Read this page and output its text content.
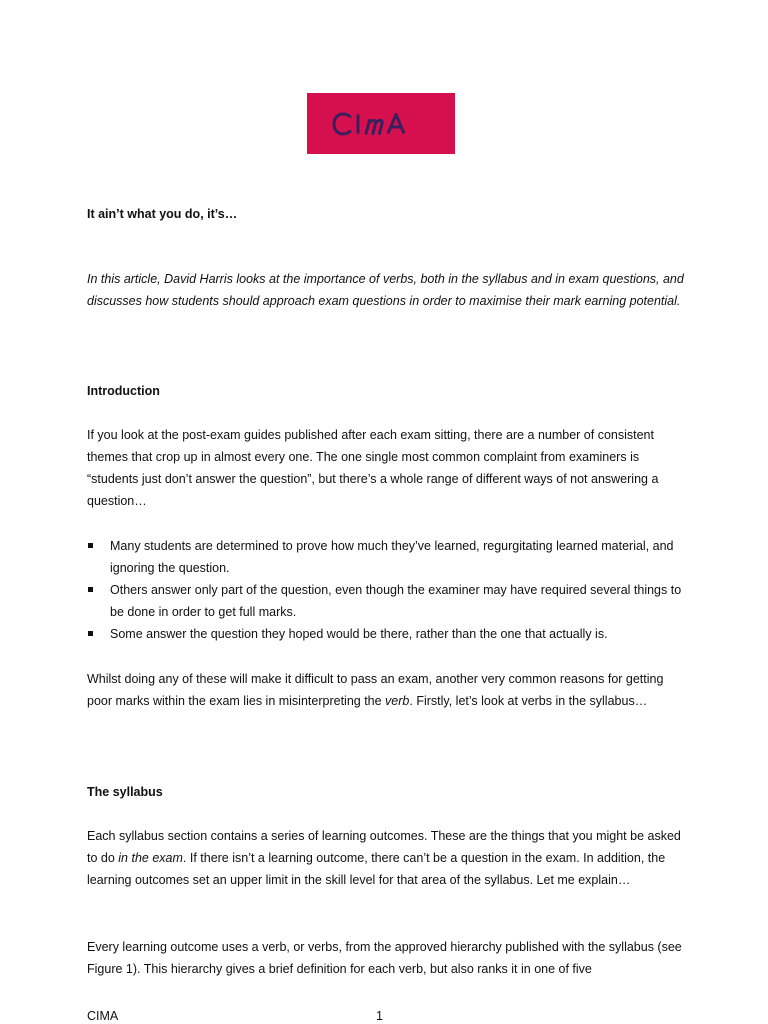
It ain’t what you do, it’s…
In this article, David Harris looks at the importance of verbs, both in the syllabus and in exam questions, and discusses how students should approach exam questions in order to maximise their mark earning potential.
Introduction
If you look at the post-exam guides published after each exam sitting, there are a number of consistent themes that crop up in almost every one. The one single most common complaint from examiners is “students just don’t answer the question”, but there’s a whole range of different ways of not answering a question…
Many students are determined to prove how much they’ve learned, regurgitating learned material, and ignoring the question.
Others answer only part of the question, even though the examiner may have required several things to be done in order to get full marks.
Some answer the question they hoped would be there, rather than the one that actually is.
Whilst doing any of these will make it difficult to pass an exam, another very common reasons for getting poor marks within the exam lies in misinterpreting the verb. Firstly, let’s look at verbs in the syllabus…
The syllabus
Each syllabus section contains a series of learning outcomes. These are the things that you might be asked to do in the exam. If there isn’t a learning outcome, there can’t be a question in the exam. In addition, the learning outcomes set an upper limit in the skill level for that area of the syllabus. Let me explain…
Every learning outcome uses a verb, or verbs, from the approved hierarchy published with the syllabus (see Figure 1). This hierarchy gives a brief definition for each verb, but also ranks it in one of five
CIMA	1
